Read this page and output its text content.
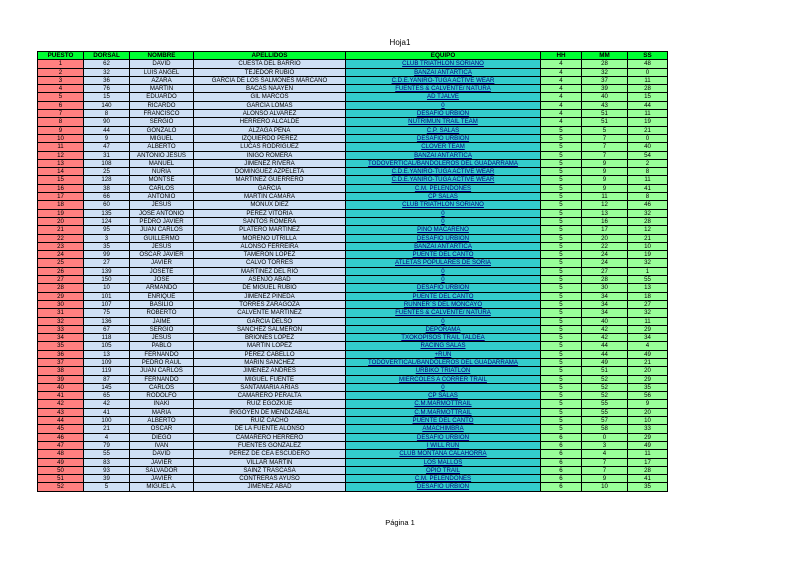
Hoja1
PUESTO	DORSAL	NOMBRE	APELLIDOS	EQUIPO	HH	MM	SS
1	62	DAVID	CUESTA DEL BARRIO	CLUB TRIATHLON SORIANO	4	28	48
2	32	LUIS ANGEL	TEJEDOR RUBIO	BANZAI ANTÁRTICA	4	32	0
3	36	AZARA	GARCIA DE LOS SALMONES MARCANO	C.D.E.YANIRO-TUGA ACTIVE WEAR	4	37	11
4	76	MARTIN	BACAS NAAYEN	FUENTES & CALVENTE/ NATURA	4	39	28
5	15	EDUARDO	GIL MARCOS	AD TJALVE	4	40	15
6	140	RICARDO	GARCÍA LOMAS	0	4	43	44
7	8	FRANCISCO	ALONSO ALVAREZ	DESAFIO URBION	4	51	11
8	90	SERGIO	HERRERO ALCALDE	NUTRIMUN TRAIL TEAM	4	51	19
9	44	GONZALO	ALZAGA PEÑA	C.P. SALAS	5	5	21
10	9	MIGUEL	IZQUIERDO PEREZ	DESAFIO URBION	5	7	0
11	47	ALBERTO	LUCAS RODRIGUEZ	CLOVER TEAM	5	7	40
12	31	ANTONIO JESUS	IÑIGO ROMERA	BANZAI ANTÁRTICA	5	7	54
13	108	MANUEL	JIMENEZ RIVERA	TODOVERTICAL/BANDOLEROS DEL GUADARRAMA	5	9	2
14	25	NURIA	DOMINGUEZ AZPELETA	C.D.E.YANIRO-TUGA ACTIVE WEAR	5	9	8
15	128	MONTSE	MARTINEZ GUERRERO	C.D.E.YANIRO-TUGA ACTIVE WEAR	5	9	11
16	38	CARLOS	GARCIA	C.M. PELENDONES	5	9	41
17	66	ANTONIO	MARTIN CAMARA	CP SALAS	5	11	8
18	60	JESUS	MOÑUX DIEZ	CLUB TRIATHLON SORIANO	5	12	46
19	135	JOSE ANTONIO	PEREZ VITORIA	0	5	13	32
20	124	PEDRO JAVIER	SANTOS ROMERA	0	5	16	28
21	95	JUAN CARLOS	PLATERO MARTINEZ	PINO MACARENO	5	17	12
22	3	GUILLERMO	MORENO UTRILLA	DESAFIO URBION	5	20	21
23	35	JESUS	ALONSO FERREIRA	BANZAI ANTÁRTICA	5	22	10
24	99	OSCAR JAVIER	TAMERON LOPEZ	PUENTE DEL CANTO	5	24	19
25	27	JAVIER	CALVO TORRES	ATLETAS POPULARES DE SORIA	5	24	32
26	139	JOSETE	MARTINEZ DEL RIO	0	5	27	1
27	150	JOSE	ASENJO ABAD	0	5	28	55
28	10	ARMANDO	DE MIGUEL RUBIO	DESAFIO URBION	5	30	13
29	101	ENRIQUE	JIMENEZ PINEDA	PUENTE DEL CANTO	5	34	18
30	107	BASILIO	TORRES ZARAGOZA	RUNNER´S DEL MONCAYO	5	34	27
31	75	ROBERTO	CALVENTE MARTINEZ	FUENTES & CALVENTE/ NATURA	5	34	32
32	136	JAIME	GARCIA DELSO	0	5	40	11
33	67	SERGIO	SANCHEZ SALMERÓN	DEPORAMA	5	42	29
34	118	JESUS	BRIONES LOPEZ	TXOKOPISOS TRAIL TALDEA	5	42	34
35	105	PABLO	MARTIN LÓPEZ	RACING SALAS	5	44	4
36	13	FERNANDO	PÉREZ CABELLO	+RUN	5	44	49
37	109	PEDRO RAUL	MARIN SANCHEZ	TODOVERTICAL/BANDOLEROS DEL GUADARRAMA	5	49	21
38	119	JUAN CARLOS	JIMENEZ ANDRES	URBIKO TRIATLON	5	51	20
39	87	FERNANDO	MIGUEL FUENTE	MIERCOLES A CORRER TRAIL	5	52	29
40	145	CARLOS	SANTAMARIA ARIAS	0	5	52	35
41	65	RODOLFO	CAMARERO PERALTA	CP SALAS	5	52	56
42	42	IÑAKI	RUIZ EGOZKUE	C.M.MARMOTTRAIL	5	55	9
43	41	MARIA	IRIGOYEN DE MENDIZABAL	C.M.MARMOTTRAIL	5	55	20
44	100	ALBERTO	RUIZ CACHO	PUENTE DEL CANTO	5	57	10
45	21	OSCAR	DE LA FUENTE ALONSO	AMACHIMBRA	5	58	33
46	4	DIEGO	CAMARERO HERRERO	DESAFIO URBION	6	0	29
47	79	IVAN	FUENTES GONZALEZ	I WILL RUN	6	3	49
48	55	DAVID	PEREZ DE CEA ESCUDERO	CLUB MONTAÑA CALAHORRA	6	4	11
49	83	JAVIER	VILLAR MARTIN	LOS MALLOS	6	7	17
50	93	SALVADOR	SAINZ TRASCASA	OPIO TRAIL	6	7	28
51	39	JAVIER	CONTRERAS AYUSO	C.M. PELENDONES	6	9	41
52	5	MIGUEL A.	JIMÉNEZ ABAD	DESAFIO URBION	6	10	35
Página 1
